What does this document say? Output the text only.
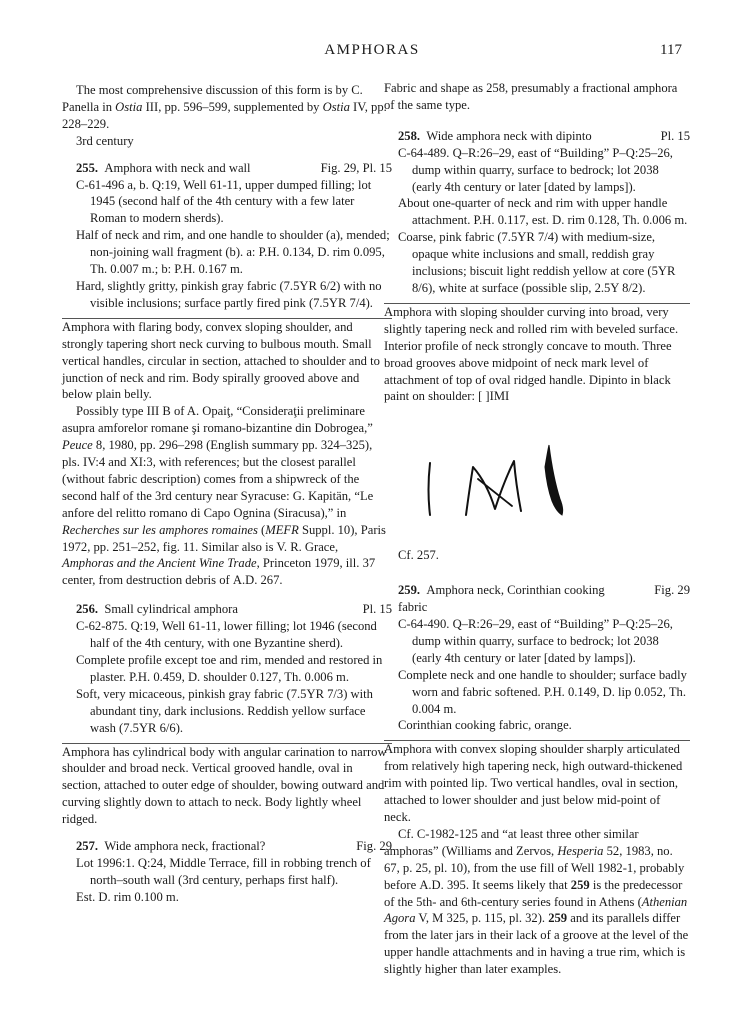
AMPHORAS	117

The most comprehensive discussion of this form is by C. Panella in Ostia III, pp. 596–599, supplemented by Ostia IV, pp. 228–229.

3rd century

255. Amphora with neck and wall	Fig. 29, Pl. 15

C-61-496 a, b. Q:19, Well 61-11, upper dumped filling; lot 1945 (second half of the 4th century with a few later Roman to modern sherds).

Half of neck and rim, and one handle to shoulder (a), mended; non-joining wall fragment (b). a: P.H. 0.134, D. rim 0.095, Th. 0.007 m.; b: P.H. 0.167 m.

Hard, slightly gritty, pinkish gray fabric (7.5YR 6/2) with no visible inclusions; surface partly fired pink (7.5YR 7/4).

Amphora with flaring body, convex sloping shoulder, and strongly tapering short neck curving to bulbous mouth. Small vertical handles, circular in section, attached to shoulder and to junction of neck and rim. Body spirally grooved above and below plain belly.

Possibly type III B of A. Opaiţ, “Consideraţii preliminare asupra amforelor romane şi romano-bizantine din Dobrogea,” Peuce 8, 1980, pp. 296–298 (English summary pp. 324–325), pls. IV:4 and XI:3, with references; but the closest parallel (without fabric description) comes from a shipwreck of the second half of the 3rd century near Syracuse: G. Kapitän, “Le anfore del relitto romano di Capo Ognina (Siracusa),” in Recherches sur les amphores romaines (MEFR Suppl. 10), Paris 1972, pp. 251–252, fig. 11. Similar also is V. R. Grace, Amphoras and the Ancient Wine Trade, Princeton 1979, ill. 37 center, from destruction debris of A.D. 267.

256. Small cylindrical amphora	Pl. 15

C-62-875. Q:19, Well 61-11, lower filling; lot 1946 (second half of the 4th century, with one Byzantine sherd).

Complete profile except toe and rim, mended and restored in plaster. P.H. 0.459, D. shoulder 0.127, Th. 0.006 m.

Soft, very micaceous, pinkish gray fabric (7.5YR 7/3) with abundant tiny, dark inclusions. Reddish yellow surface wash (7.5YR 6/6).

Amphora has cylindrical body with angular carination to narrow shoulder and broad neck. Vertical grooved handle, oval in section, attached to outer edge of shoulder, bowing outward and curving slightly down to attach to neck. Body lightly wheel ridged.

257. Wide amphora neck, fractional?	Fig. 29

Lot 1996:1. Q:24, Middle Terrace, fill in robbing trench of north–south wall (3rd century, perhaps first half).

Est. D. rim 0.100 m.

Fabric and shape as 258, presumably a fractional amphora of the same type.

258. Wide amphora neck with dipinto	Pl. 15

C-64-489. Q–R:26–29, east of “Building” P–Q:25–26, dump within quarry, surface to bedrock; lot 2038 (early 4th century or later [dated by lamps]).

About one-quarter of neck and rim with upper handle attachment. P.H. 0.117, est. D. rim 0.128, Th. 0.006 m.

Coarse, pink fabric (7.5YR 7/4) with medium-size, opaque white inclusions and small, reddish gray inclusions; biscuit light reddish yellow at core (5YR 8/6), white at surface (possible slip, 2.5Y 8/2).

Amphora with sloping shoulder curving into broad, very slightly tapering neck and rolled rim with beveled surface. Interior profile of neck strongly concave to mouth. Three broad grooves above midpoint of neck mark level of attachment of top of oval ridged handle. Dipinto in black paint on shoulder: [ ]IMI

Cf. 257.

259. Amphora neck, Corinthian cooking fabric
Fig. 29

C-64-490. Q–R:26–29, east of “Building” P–Q:25–26, dump within quarry, surface to bedrock; lot 2038 (early 4th century or later [dated by lamps]).

Complete neck and one handle to shoulder; surface badly worn and fabric softened. P.H. 0.149, D. lip 0.052, Th. 0.004 m.

Corinthian cooking fabric, orange.

Amphora with convex sloping shoulder sharply articulated from relatively high tapering neck, high outward-thickened rim with pointed lip. Two vertical handles, oval in section, attached to lower shoulder and just below mid-point of neck.

Cf. C-1982-125 and “at least three other similar amphoras” (Williams and Zervos, Hesperia 52, 1983, no. 67, p. 25, pl. 10), from the use fill of Well 1982-1, probably before A.D. 395. It seems likely that 259 is the predecessor of the 5th- and 6th-century series found in Athens (Athenian Agora V, M 325, p. 115, pl. 32). 259 and its parallels differ from the later jars in their lack of a groove at the level of the upper handle attachments and in having a true rim, which is slightly higher than later examples.
